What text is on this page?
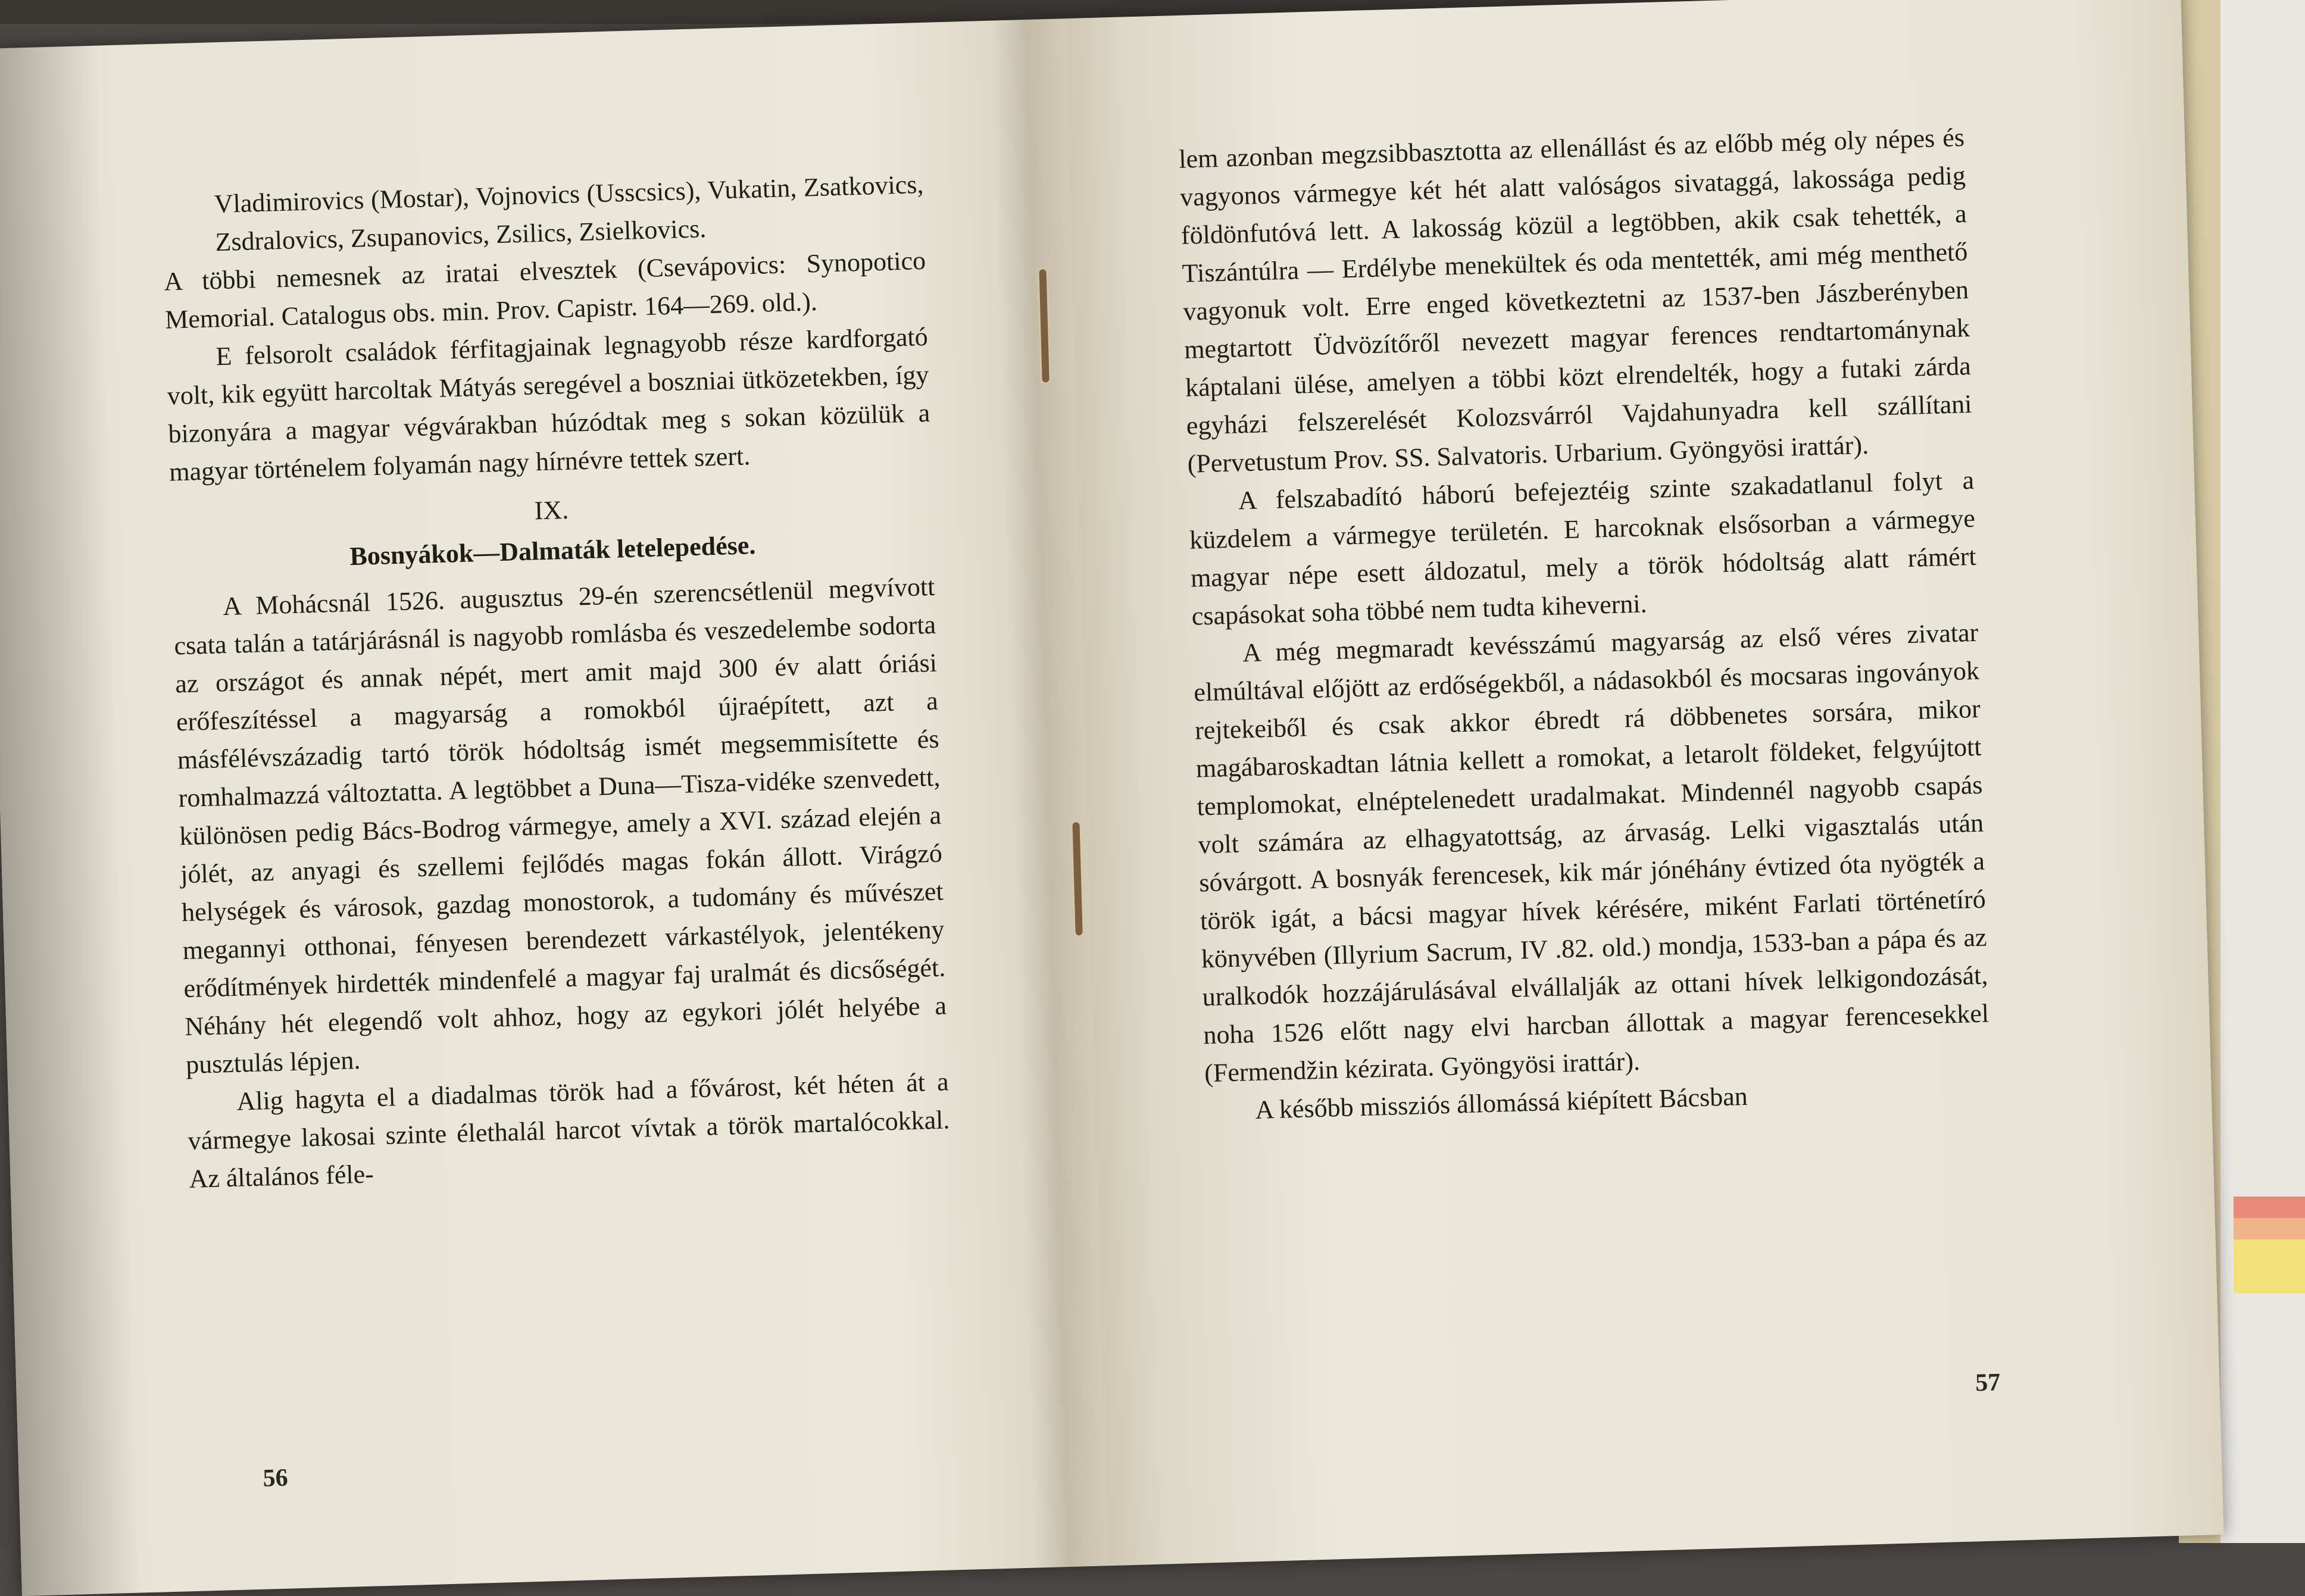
Vladimirovics (Mostar), Vojnovics (Usscsics), Vukatin, Zsatkovics, Zsdralovics, Zsupanovics, Zsilics, Zsielkovics.

A többi nemesnek az iratai elvesztek (Csevápovics: Synopotico Memorial. Catalogus obs. min. Prov. Capistr. 164—269. old.).

E felsorolt családok férfitagjainak legnagyobb része kardforgató volt, kik együtt harcoltak Mátyás seregével a boszniai ütközetekben, így bizonyára a magyar végvárakban húzódtak meg s sokan közülük a magyar történelem folyamán nagy hírnévre tettek szert.

IX.
Bosnyákok—Dalmaták letelepedése.

A Mohácsnál 1526. augusztus 29-én szerencsétlenül megvívott csata talán a tatárjárásnál is nagyobb romlásba és veszedelembe sodorta az országot és annak népét, mert amit majd 300 év alatt óriási erőfeszítéssel a magyarság a romokból újraépített, azt a másfélévszázadig tartó török hódoltság ismét megsemmisítette és romhalmazzá változtatta. A legtöbbet a Duna—Tisza-vidéke szenvedett, különösen pedig Bács-Bodrog vármegye, amely a XVI. század elején a jólét, az anyagi és szellemi fejlődés magas fokán állott. Virágzó helységek és városok, gazdag monostorok, a tudomány és művészet megannyi otthonai, fényesen berendezett várkastélyok, jelentékeny erődítmények hirdették mindenfelé a magyar faj uralmát és dicsőségét. Néhány hét elegendő volt ahhoz, hogy az egykori jólét helyébe a pusztulás lépjen.

Alig hagyta el a diadalmas török had a fővárost, két héten át a vármegye lakosai szinte élethalál harcot vívtak a török martalócokkal. Az általános féle-

lem azonban megzsibbasztotta az ellenállást és az előbb még oly népes és vagyonos vármegye két hét alatt valóságos sivataggá, lakossága pedig földönfutóvá lett. A lakosság közül a legtöbben, akik csak tehették, a Tiszántúlra — Erdélybe menekültek és oda mentették, ami még menthető vagyonuk volt. Erre enged következtetni az 1537-ben Jászberényben megtartott Üdvözítőről nevezett magyar ferences rendtartománynak káptalani ülése, amelyen a többi közt elrendelték, hogy a futaki zárda egyházi felszerelését Kolozsvárról Vajdahunyadra kell szállítani (Pervetustum Prov. SS. Salvatoris. Urbarium. Gyöngyösi irattár).

A felszabadító háború befejeztéig szinte szakadatlanul folyt a küzdelem a vármegye területén. E harcoknak elsősorban a vármegye magyar népe esett áldozatul, mely a török hódoltság alatt rámért csapásokat soha többé nem tudta kiheverni.

A még megmaradt kevésszámú magyarság az első véres zivatar elmúltával előjött az erdőségekből, a nádasokból és mocsaras ingoványok rejtekeiből és csak akkor ébredt rá döbbenetes sorsára, mikor magábaroskadtan látnia kellett a romokat, a letarolt földeket, felgyújtott templomokat, elnéptelenedett uradalmakat. Mindennél nagyobb csapás volt számára az elhagyatottság, az árvaság. Lelki vigasztalás után sóvárgott. A bosnyák ferencesek, kik már jónéhány évtized óta nyögték a török igát, a bácsi magyar hívek kérésére, miként Farlati történetíró könyvében (Illyrium Sacrum, IV .82. old.) mondja, 1533-ban a pápa és az uralkodók hozzájárulásával elvállalják az ottani hívek lelkigondozását, noha 1526 előtt nagy elvi harcban állottak a magyar ferencesekkel (Fermendžin kézirata. Gyöngyösi irattár).

A később missziós állomássá kiépített Bácsban

56
57
